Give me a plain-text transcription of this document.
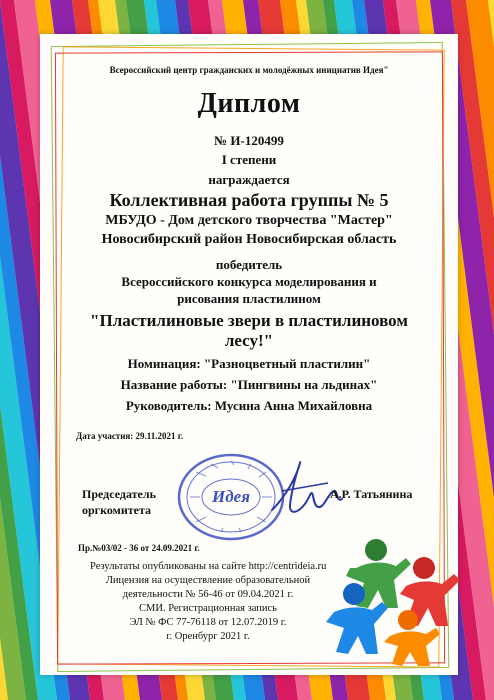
Всероссийский центр гражданских и молодёжных инициатив Идея"
Диплом
№ И-120499
I степени
награждается
Коллективная работа группы № 5
МБУДО - Дом детского творчества "Мастер"
Новосибирский район Новосибирская область
победитель
Всероссийского конкурса моделирования и
рисования пластилином
"Пластилиновые звери в пластилиновом
лесу!"
Номинация: "Разноцветный пластилин"
Название работы: "Пингвины на льдинах"
Руководитель: Мусина Анна Михайловна
Дата участия: 29.11.2021 г.
Идея
Председатель
оргкомитета
А.Р. Татьянина
Пр.№03/02 - 36 от 24.09.2021 г.
Результаты опубликованы на сайте http://centrideia.ru
Лицензия на осуществление образовательной
деятельности № 56-46 от 09.04.2021 г.
СМИ. Регистрационная запись
ЭЛ № ФС 77-76118 от 12.07.2019 г.
г. Оренбург 2021 г.
